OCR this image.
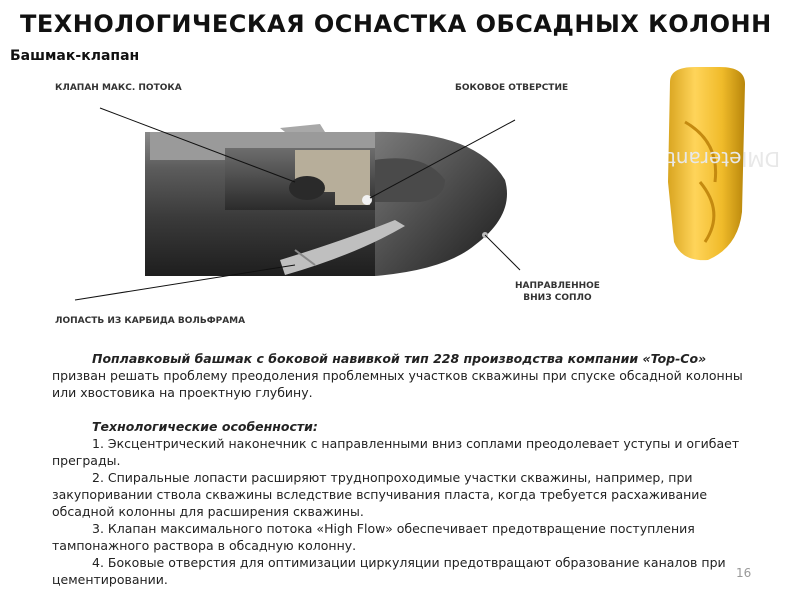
ТЕХНОЛОГИЧЕСКАЯ ОСНАСТКА ОБСАДНЫХ КОЛОНН
Башмак-клапан
КЛАПАН МАКС. ПОТОКА	БОКОВОЕ ОТВЕРСТИЕ
НАПРАВЛЕННОЕ
ВНИЗ СОПЛО
ЛОПАСТЬ ИЗ КАРБИДА ВОЛЬФРАМА
DMIeterant

Поплавковый башмак с боковой навивкой тип 228 производства компании «Top-Co» призван решать проблему преодоления проблемных участков скважины при спуске обсадной колонны или хвостовика на проектную глубину.

Технологические особенности:

1. Эксцентрический наконечник с направленными вниз соплами преодолевает уступы и огибает преграды.

2. Спиральные лопасти расширяют труднопроходимые участки скважины, например, при закупоривании ствола скважины вследствие вспучивания пласта, когда требуется расхаживание обсадной колонны для расширения скважины.

3. Клапан максимального потока «High Flow» обеспечивает предотвращение поступления тампонажного раствора в обсадную колонну.

4. Боковые отверстия для оптимизации циркуляции предотвращают образование каналов при цементировании.	16
